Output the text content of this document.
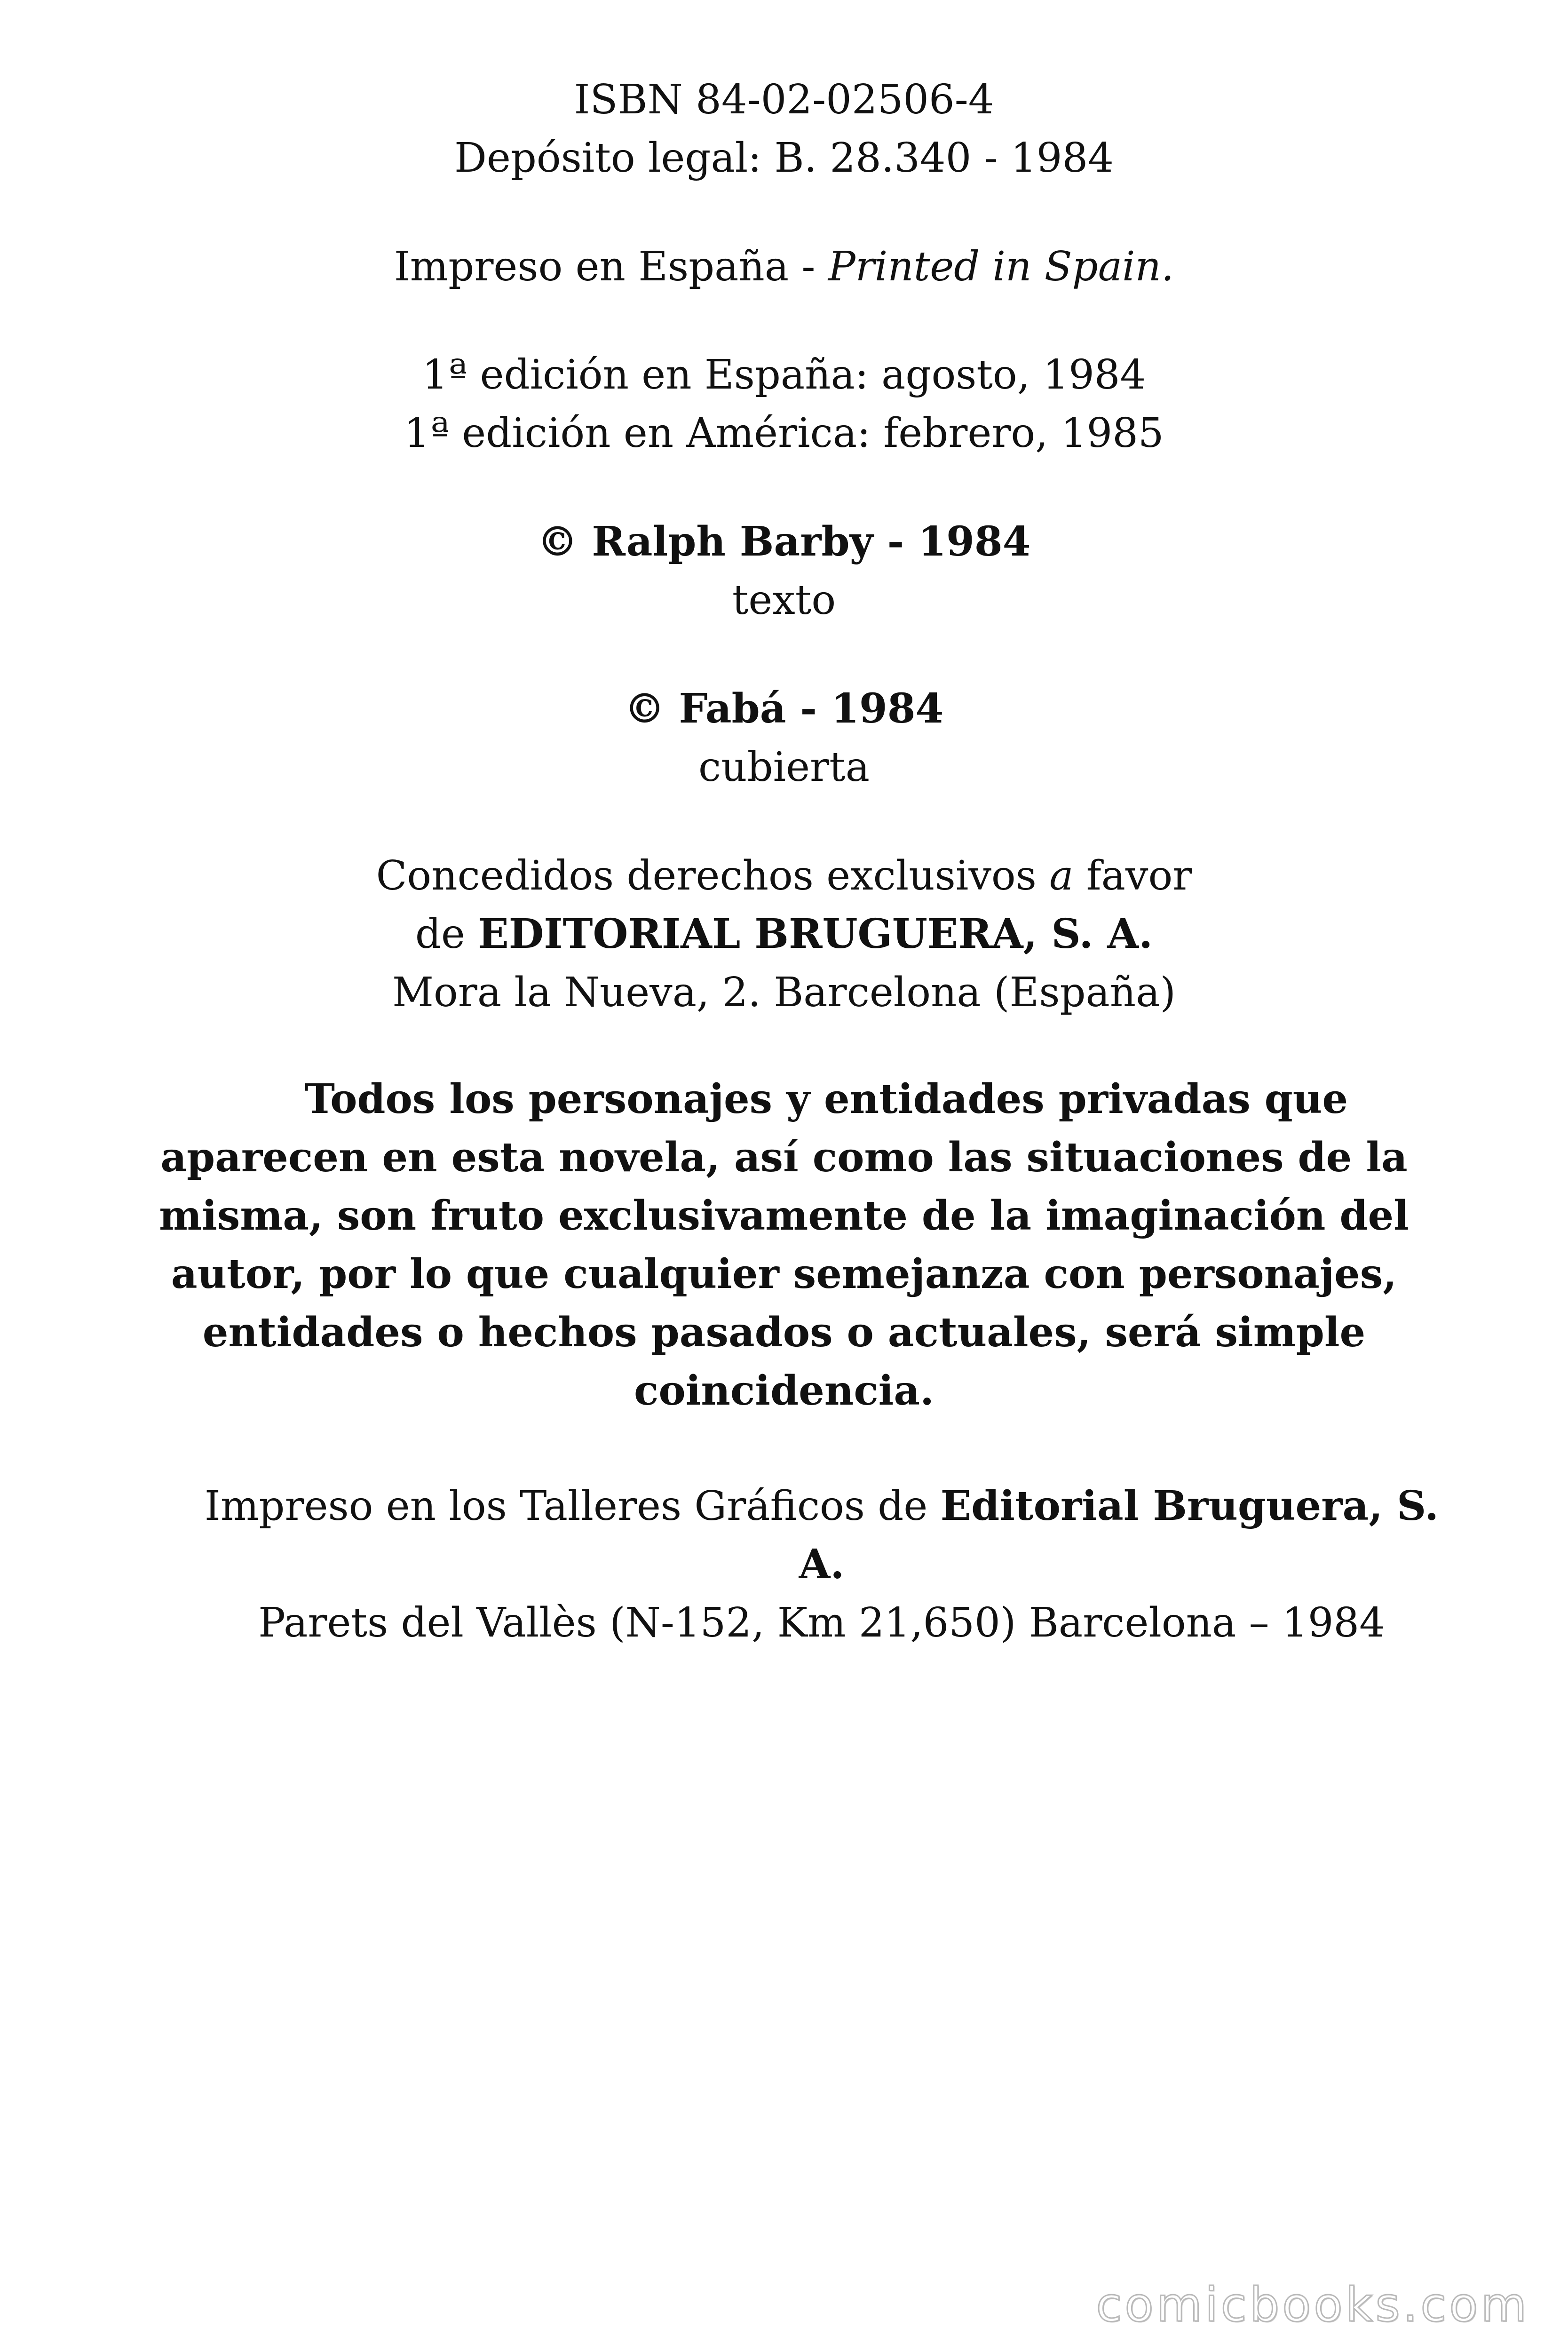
ISBN 84-02-02506-4
Depósito legal: B. 28.340 - 1984
Impreso en España - Printed in Spain.
1ª edición en España: agosto, 1984
1ª edición en América: febrero, 1985
© Ralph Barby - 1984
texto
© Fabá - 1984
cubierta
Concedidos derechos exclusivos a favor
de EDITORIAL BRUGUERA, S. A.
Mora la Nueva, 2. Barcelona (España)
Todos los personajes y entidades privadas que
aparecen en esta novela, así como las situaciones de la
misma, son fruto exclusivamente de la imaginación del
autor, por lo que cualquier semejanza con personajes,
entidades o hechos pasados o actuales, será simple
coincidencia.
Impreso en los Talleres Gráficos de Editorial Bruguera, S.
A.
Parets del Vallès (N-152, Km 21,650) Barcelona – 1984
comicbooks.com
